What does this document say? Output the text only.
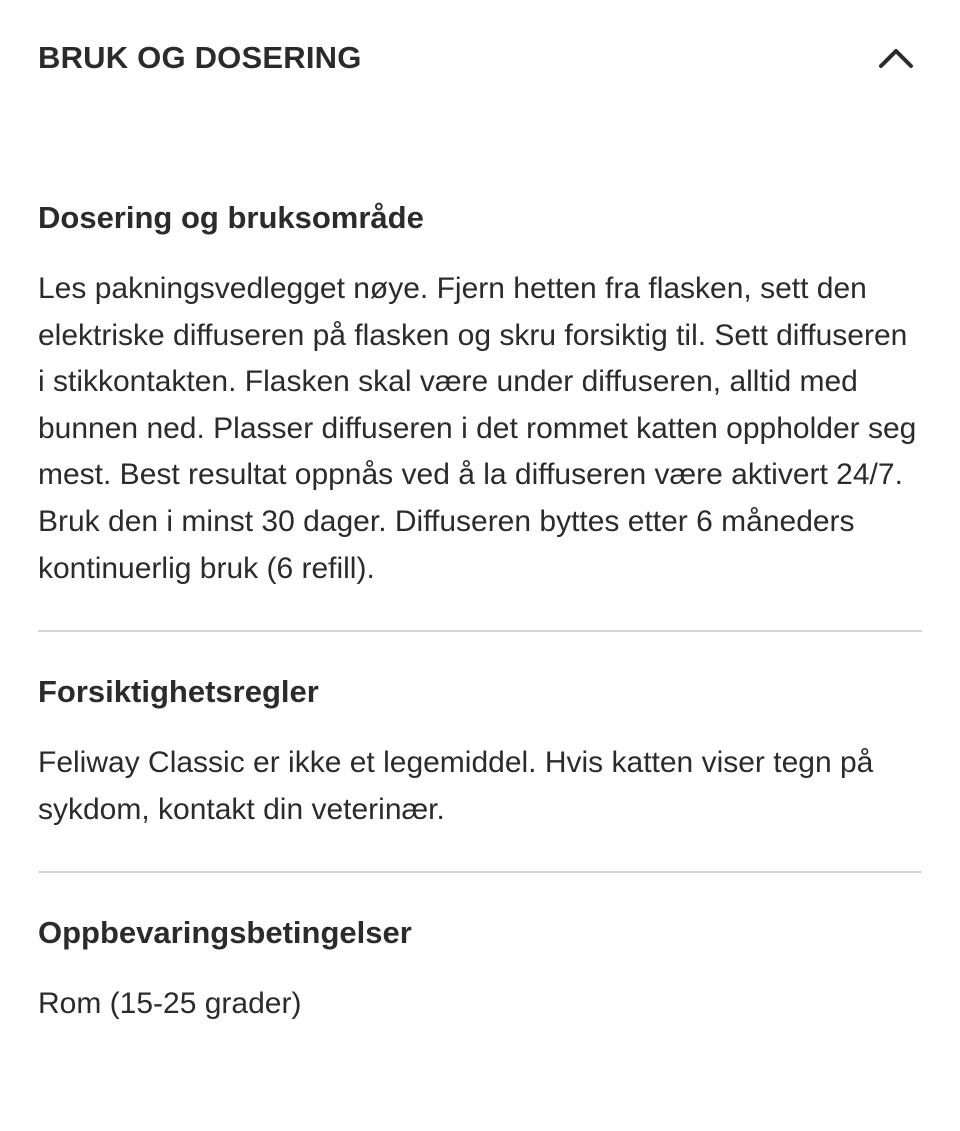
BRUK OG DOSERING
Dosering og bruksområde

Les pakningsvedlegget nøye. Fjern hetten fra flasken, sett den elektriske diffuseren på flasken og skru forsiktig til. Sett diffuseren i stikkontakten. Flasken skal være under diffuseren, alltid med bunnen ned. Plasser diffuseren i det rommet katten oppholder seg mest. Best resultat oppnås ved å la diffuseren være aktivert 24/7. Bruk den i minst 30 dager. Diffuseren byttes etter 6 måneders kontinuerlig bruk (6 refill).

Forsiktighetsregler

Feliway Classic er ikke et legemiddel. Hvis katten viser tegn på sykdom, kontakt din veterinær.

Oppbevaringsbetingelser

Rom (15-25 grader)
